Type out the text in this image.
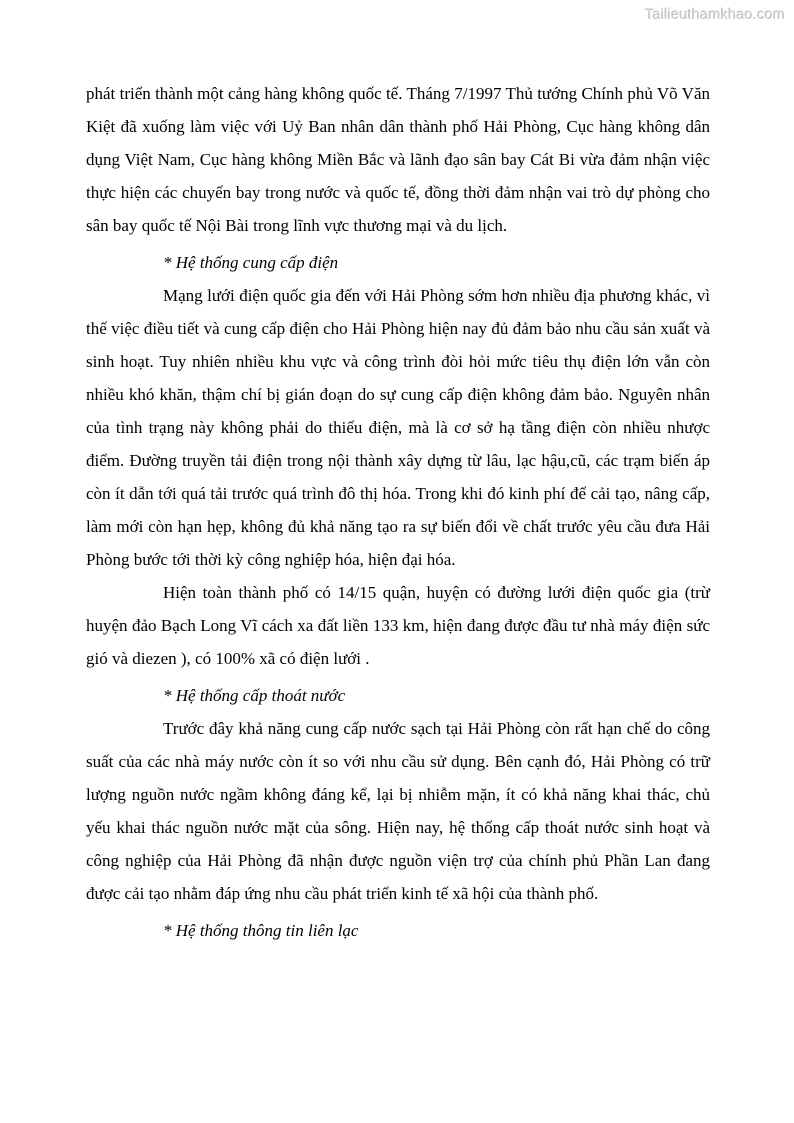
Tailieuthamkhao.com

phát triển thành một cảng hàng không quốc tế. Tháng 7/1997 Thủ tướng Chính phủ Võ Văn Kiệt đã xuống làm việc với Uỷ Ban nhân dân thành phố Hải Phòng, Cục hàng không dân dụng Việt Nam, Cục hàng không Miền Bắc và lãnh đạo sân bay Cát Bi vừa đảm nhận việc thực hiện các chuyến bay trong nước và quốc tế, đồng thời đảm nhận vai trò dự phòng cho sân bay quốc tế Nội Bài trong lĩnh vực thương mại và du lịch.

* Hệ thống cung cấp điện

Mạng lưới điện quốc gia đến với Hải Phòng sớm hơn nhiều địa phương khác, vì thế việc điều tiết và cung cấp điện cho Hải Phòng hiện nay đủ đảm bảo nhu cầu sản xuất và sinh hoạt. Tuy nhiên nhiều khu vực và công trình đòi hỏi mức tiêu thụ điện lớn vẫn còn nhiều khó khăn, thậm chí bị gián đoạn do sự cung cấp điện không đảm bảo. Nguyên nhân của tình trạng này không phải do thiếu điện, mà là cơ sở hạ tầng điện còn nhiều nhược điểm. Đường truyền tải điện trong nội thành xây dựng từ lâu, lạc hậu,cũ, các trạm biến áp còn ít dẫn tới quá tải trước quá trình đô thị hóa. Trong khi đó kinh phí để cải tạo, nâng cấp, làm mới còn hạn hẹp, không đủ khả năng tạo ra sự biến đổi về chất trước yêu cầu đưa Hải Phòng bước tới thời kỳ công nghiệp hóa, hiện đại hóa.

Hiện toàn thành phố có 14/15 quận, huyện có đường lưới điện quốc gia (trừ huyện đảo Bạch Long Vĩ cách xa đất liền 133 km, hiện đang được đầu tư nhà máy điện sức gió và diezen ), có 100% xã có điện lưới .

* Hệ thống cấp thoát nước

Trước đây khả năng cung cấp nước sạch tại Hải Phòng còn rất hạn chế do công suất của các nhà máy nước còn ít so với nhu cầu sử dụng. Bên cạnh đó, Hải Phòng có trữ lượng nguồn nước ngầm không đáng kể, lại bị nhiễm mặn, ít có khả năng khai thác, chủ yếu khai thác nguồn nước mặt của sông. Hiện nay, hệ thống cấp thoát nước sinh hoạt và công nghiệp của Hải Phòng đã nhận được nguồn viện trợ của chính phủ Phần Lan đang được cải tạo nhằm đáp ứng nhu cầu phát triển kinh tế xã hội của thành phố.

* Hệ thống thông tin liên lạc
